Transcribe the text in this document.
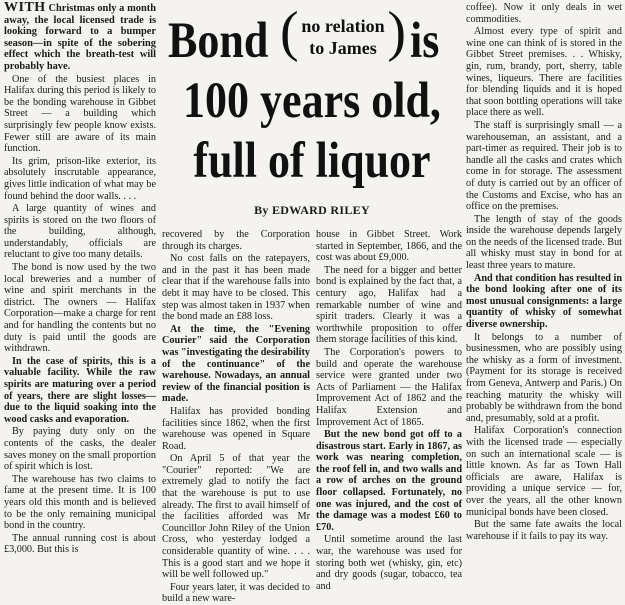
WITH Christmas only a month away, the local licensed trade is looking forward to a bumper season—in spite of the sobering effect which the breath-test will probably have.

One of the busiest places in Halifax during this period is likely to be the bonding warehouse in Gibbet Street — a building which surprisingly few people know exists. Fewer still are aware of its main function.

Its grim, prison-like exterior, its absolutely inscrutable appearance, gives little indication of what may be found behind the door walls. . . .

A large quantity of wines and spirits is stored on the two floors of the building, although, understandably, officials are reluctant to give too many details.

The bond is now used by the two local breweries and a number of wine and spirit merchants in the district. The owners — Halifax Corporation—make a charge for rent and for handling the contents but no duty is paid until the goods are withdrawn.

In the case of spirits, this is a valuable facility. While the raw spirits are maturing over a period of years, there are slight losses—due to the liquid soaking into the wood casks and evaporation.

By paying duty only on the contents of the casks, the dealer saves money on the small proportion of spirit which is lost.

The warehouse has two claims to fame at the present time. It is 100 years old this month and is believed to be the only remaining municipal bond in the country.

The annual running cost is about £3,000. But this is

Bond ( no relation
to James ) is
100 years old,
full of liquor
By EDWARD RILEY

recovered by the Corporation through its charges.

No cost falls on the ratepayers, and in the past it has been made clear that if the warehouse falls into debt it may have to be closed. This step was almost taken in 1937 when the bond made an £88 loss.

At the time, the "Evening Courier" said the Corporation was "investigating the desirability of the continuance" of the warehouse. Nowadays, an annual review of the financial position is made.

Halifax has provided bonding facilities since 1862, when the first warehouse was opened in Square Road.

On April 5 of that year the "Courier" reported: "We are extremely glad to notify the fact that the warehouse is put to use already. The first to avail himself of the facilities afforded was Mr Councillor John Riley of the Union Cross, who yesterday lodged a considerable quantity of wine. . . . This is a good start and we hope it will be well followed up."

Four years later, it was decided to build a new ware-

house in Gibbet Street. Work started in September, 1866, and the cost was about £9,000.

The need for a bigger and better bond is explained by the fact that, a century ago, Halifax had a remarkable number of wine and spirit traders. Clearly it was a worthwhile proposition to offer them storage facilities of this kind.

The Corporation's powers to build and operate the warehouse service were granted under two Acts of Parliament — the Halifax Improvement Act of 1862 and the Halifax Extension and Improvement Act of 1865.

But the new bond got off to a disastrous start. Early in 1867, as work was nearing completion, the roof fell in, and two walls and a row of arches on the ground floor collapsed. Fortunately, no one was injured, and the cost of the damage was a modest £60 to £70.

Until sometime around the last war, the warehouse was used for storing both wet (whisky, gin, etc) and dry goods (sugar, tobacco, tea and

coffee). Now it only deals in wet commodities.

Almost every type of spirit and wine one can think of is stored in the Gibbet Street premises. . . Whisky, gin, rum, brandy, port, sherry, table wines, liqueurs. There are facilities for blending liquids and it is hoped that soon bottling operations will take place there as well.

The staff is surprisingly small — a warehouseman, an assistant, and a part-timer as required. Their job is to handle all the casks and crates which come in for storage. The assessment of duty is carried out by an officer of the Customs and Excise, who has an office on the premises.

The length of stay of the goods inside the warehouse depends largely on the needs of the licensed trade. But all whisky must stay in bond for at least three years to mature.

And that condition has resulted in the bond looking after one of its most unusual consignments: a large quantity of whisky of somewhat diverse ownership.

It belongs to a number of businessmen, who are possibly using the whisky as a form of investment. (Payment for its storage is received from Geneva, Antwerp and Paris.) On reaching maturity the whisky will probably be withdrawn from the bond and, presumably, sold at a profit.

Halifax Corporation's connection with the licensed trade — especially on such an international scale — is little known. As far as Town Hall officials are aware, Halifax is providing a unique service — for, over the years, all the other known municipal bonds have been closed.

But the same fate awaits the local warehouse if it fails to pay its way.
